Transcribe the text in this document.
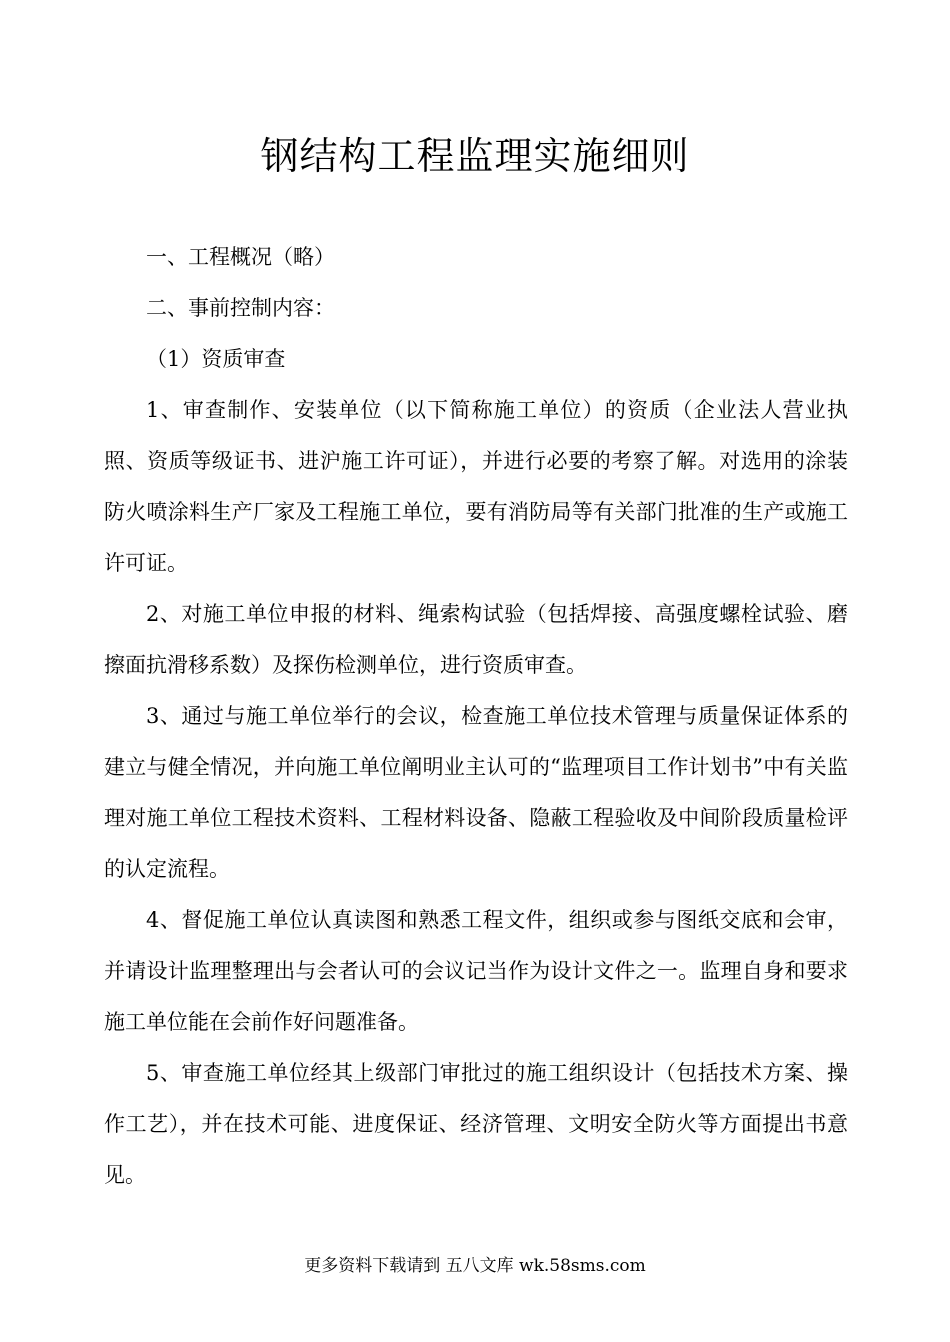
钢结构工程监理实施细则

一、工程概况（略）

二、事前控制内容：

（1）资质审查

1、审查制作、安装单位（以下简称施工单位）的资质（企业法人营业执照、资质等级证书、进沪施工许可证），并进行必要的考察了解。对选用的涂装防火喷涂料生产厂家及工程施工单位，要有消防局等有关部门批准的生产或施工许可证。

2、对施工单位申报的材料、绳索构试验（包括焊接、高强度螺栓试验、磨擦面抗滑移系数）及探伤检测单位，进行资质审查。

3、通过与施工单位举行的会议，检查施工单位技术管理与质量保证体系的建立与健全情况，并向施工单位阐明业主认可的“监理项目工作计划书”中有关监理对施工单位工程技术资料、工程材料设备、隐蔽工程验收及中间阶段质量检评的认定流程。

4、督促施工单位认真读图和熟悉工程文件，组织或参与图纸交底和会审，并请设计监理整理出与会者认可的会议记当作为设计文件之一。监理自身和要求施工单位能在会前作好问题准备。

5、审查施工单位经其上级部门审批过的施工组织设计（包括技术方案、操作工艺），并在技术可能、进度保证、经济管理、文明安全防火等方面提出书意见。

更多资料下载请到 五八文库 wk.58sms.com
